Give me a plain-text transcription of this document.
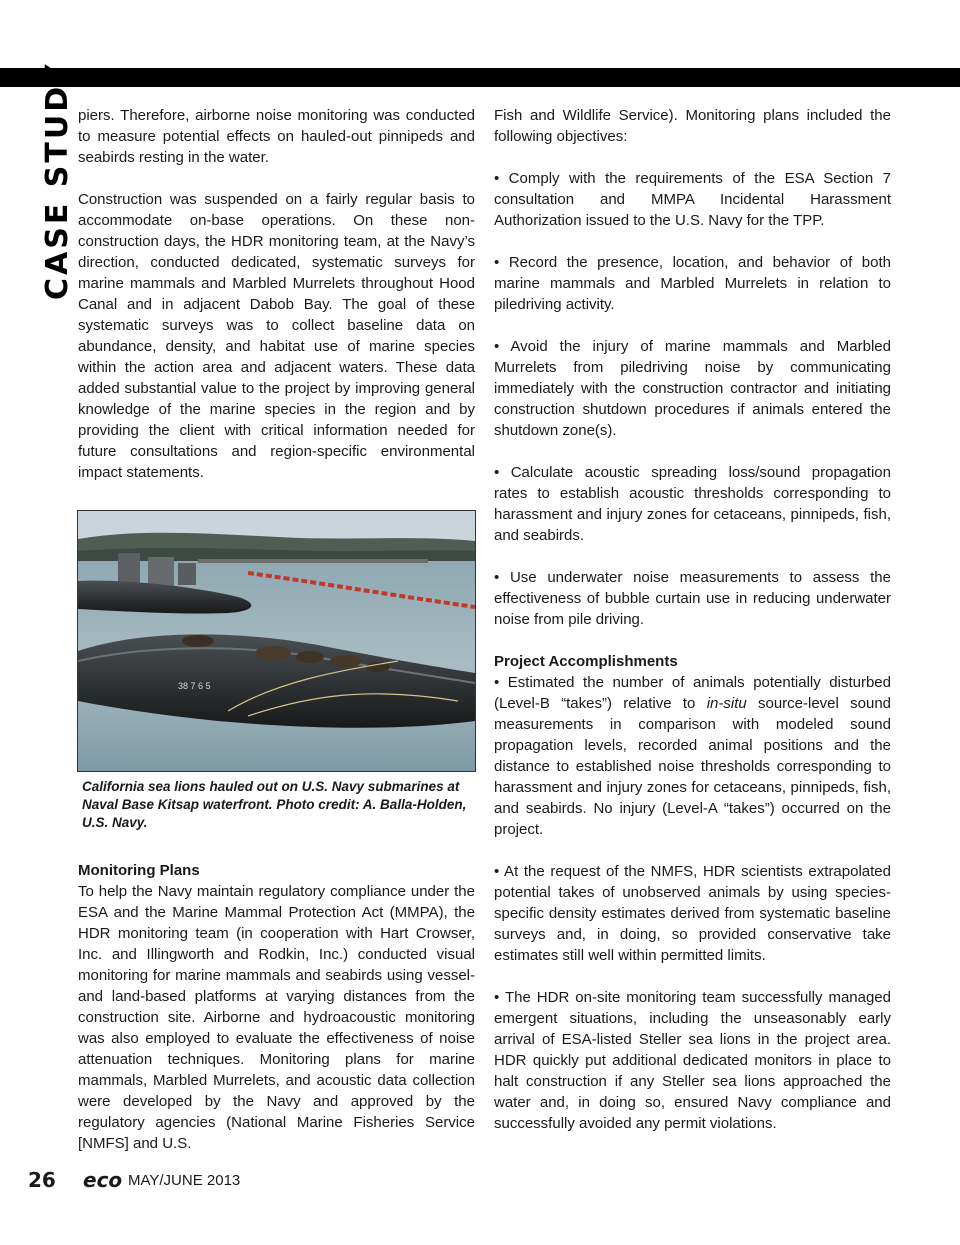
CASE STUDY piers. Therefore, airborne noise monitoring was conducted to measure potential effects on hauled-out pinnipeds and seabirds resting in the water.

Construction was suspended on a fairly regular basis to accommodate on-base operations. On these non-construction days, the HDR monitoring team, at the Navy’s direction, conducted dedicated, systematic surveys for marine mammals and Marbled Murrelets throughout Hood Canal and in adjacent Dabob Bay. The goal of these systematic surveys was to collect baseline data on abundance, density, and habitat use of marine species within the action area and adjacent waters. These data added substantial value to the project by improving general knowledge of the marine species in the region and by providing the client with critical information needed for future consultations and region-specific environmental impact statements.

38 7 6 5
California sea lions hauled out on U.S. Navy submarines at Naval Base Kitsap waterfront. Photo credit: A. Balla-Holden, U.S. Navy.
Monitoring Plans

To help the Navy maintain regulatory compliance under the ESA and the Marine Mammal Protection Act (MMPA), the HDR monitoring team (in cooperation with Hart Crowser, Inc. and Illingworth and Rodkin, Inc.) conducted visual monitoring for marine mammals and seabirds using vessel- and land-based platforms at varying distances from the construction site. Airborne and hydroacoustic monitoring was also employed to evaluate the effectiveness of noise attenuation techniques. Monitoring plans for marine mammals, Marbled Murrelets, and acoustic data collection were developed by the Navy and approved by the regulatory agencies (National Marine Fisheries Service [NMFS] and U.S.

Fish and Wildlife Service). Monitoring plans included the following objectives:

• Comply with the requirements of the ESA Section 7 consultation and MMPA Incidental Harassment Authorization issued to the U.S. Navy for the TPP.

• Record the presence, location, and behavior of both marine mammals and Marbled Murrelets in relation to piledriving activity.

• Avoid the injury of marine mammals and Marbled Murrelets from piledriving noise by communicating immediately with the construction contractor and initiating construction shutdown procedures if animals entered the shutdown zone(s).

• Calculate acoustic spreading loss/sound propagation rates to establish acoustic thresholds corresponding to harassment and injury zones for cetaceans, pinnipeds, fish, and seabirds.

• Use underwater noise measurements to assess the effectiveness of bubble curtain use in reducing underwater noise from pile driving.

Project Accomplishments

• Estimated the number of animals potentially disturbed (Level-B “takes”) relative to in-situ source-level sound measurements in comparison with modeled sound propagation levels, recorded animal positions and the distance to established noise thresholds corresponding to harassment and injury zones for cetaceans, pinnipeds, fish, and seabirds. No injury (Level-A “takes”) occurred on the project.

• At the request of the NMFS, HDR scientists extrapolated potential takes of unobserved animals by using species-specific density estimates derived from systematic baseline surveys and, in doing, so provided conservative take estimates still well within permitted limits.

• The HDR on-site monitoring team successfully managed emergent situations, including the unseasonably early arrival of ESA-listed Steller sea lions in the project area. HDR quickly put additional dedicated monitors in place to halt construction if any Steller sea lions approached the water and, in doing so, ensured Navy compliance and successfully avoided any permit violations.

26 eco MAY/JUNE 2013
